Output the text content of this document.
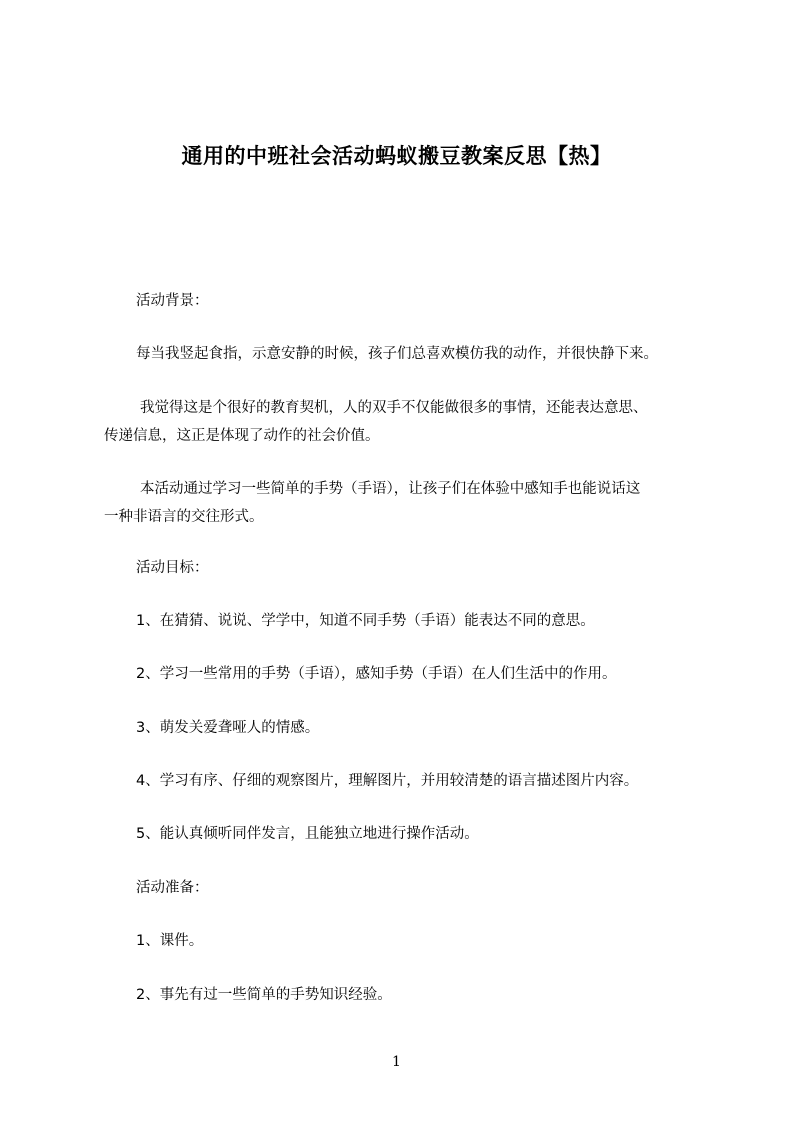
通用的中班社会活动蚂蚁搬豆教案反思【热】
活动背景：
每当我竖起食指，示意安静的时候，孩子们总喜欢模仿我的动作，并很快静下来。
我觉得这是个很好的教育契机，人的双手不仅能做很多的事情，还能表达意思、
传递信息，这正是体现了动作的社会价值。
本活动通过学习一些简单的手势（手语），让孩子们在体验中感知手也能说话这
一种非语言的交往形式。
活动目标：
1、在猜猜、说说、学学中，知道不同手势（手语）能表达不同的意思。
2、学习一些常用的手势（手语），感知手势（手语）在人们生活中的作用。
3、萌发关爱聋哑人的情感。
4、学习有序、仔细的观察图片，理解图片，并用较清楚的语言描述图片内容。
5、能认真倾听同伴发言，且能独立地进行操作活动。
活动准备：
1、课件。
2、事先有过一些简单的手势知识经验。
1
